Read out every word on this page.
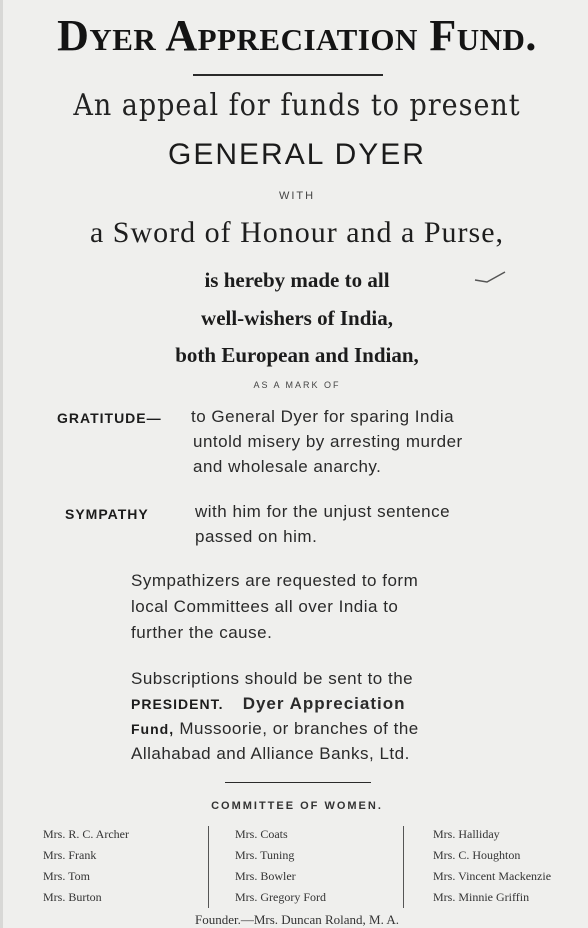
Dyer Appreciation Fund.
An appeal for funds to present
GENERAL DYER
WITH
a Sword of Honour and a Purse,
is hereby made to all
well-wishers of India,
both European and Indian,
AS A MARK OF
GRATITUDE— to General Dyer for sparing India
untold misery by arresting murder
and wholesale anarchy.
SYMPATHY	with him for the unjust sentence
passed on him.
Sympathizers are requested to form
local Committees all over India to
further the cause.
Subscriptions should be sent to the
PRESIDENT. Dyer Appreciation
Fund, Mussoorie, or branches of the
Allahabad and Alliance Banks, Ltd.
COMMITTEE OF WOMEN.
Mrs. R. C. Archer
Mrs. Frank
Mrs. Tom
Mrs. Burton
Mrs. Coats
Mrs. Tuning
Mrs. Bowler
Mrs. Gregory Ford
Mrs. Halliday
Mrs. C. Houghton
Mrs. Vincent Mackenzie
Mrs. Minnie Griffin
Founder.—Mrs. Duncan Roland, M. A.
